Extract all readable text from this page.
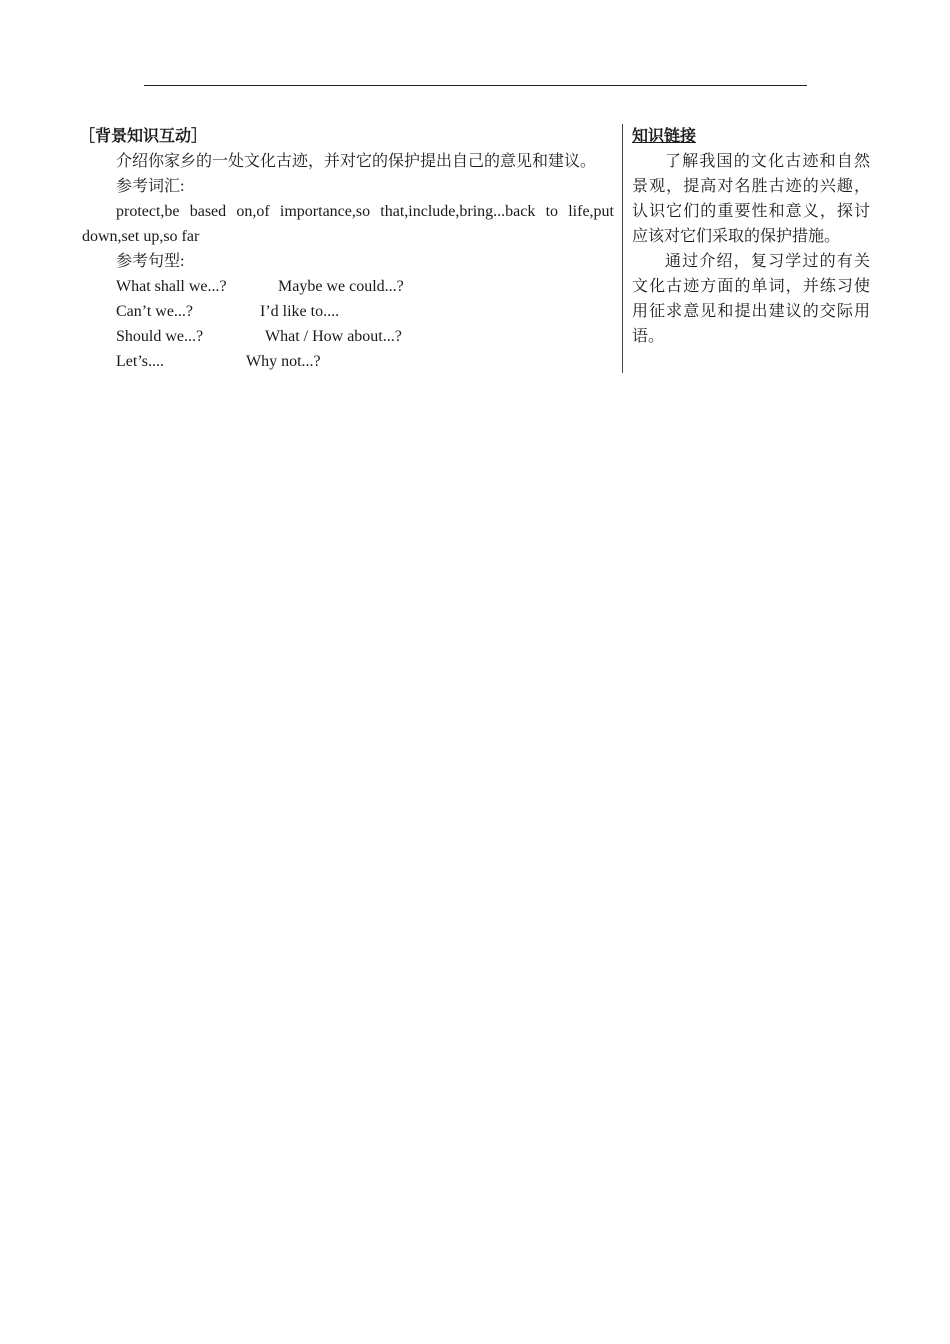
［背景知识互动］

介绍你家乡的一处文化古迹，并对它的保护提出自己的意见和建议。

参考词汇:

protect,be based on,of importance,so that,include,bring...back to life,put down,set up,so far

参考句型:

What shall we...?	Maybe we could...?
Can’t we...?	I’d like to....
Should we...?	What / How about...?
Let’s....	Why not...?
知识链接

了解我国的文化古迹和自然景观，提高对名胜古迹的兴趣，认识它们的重要性和意义，探讨应该对它们采取的保护措施。

通过介绍，复习学过的有关文化古迹方面的单词，并练习使用征求意见和提出建议的交际用语。
